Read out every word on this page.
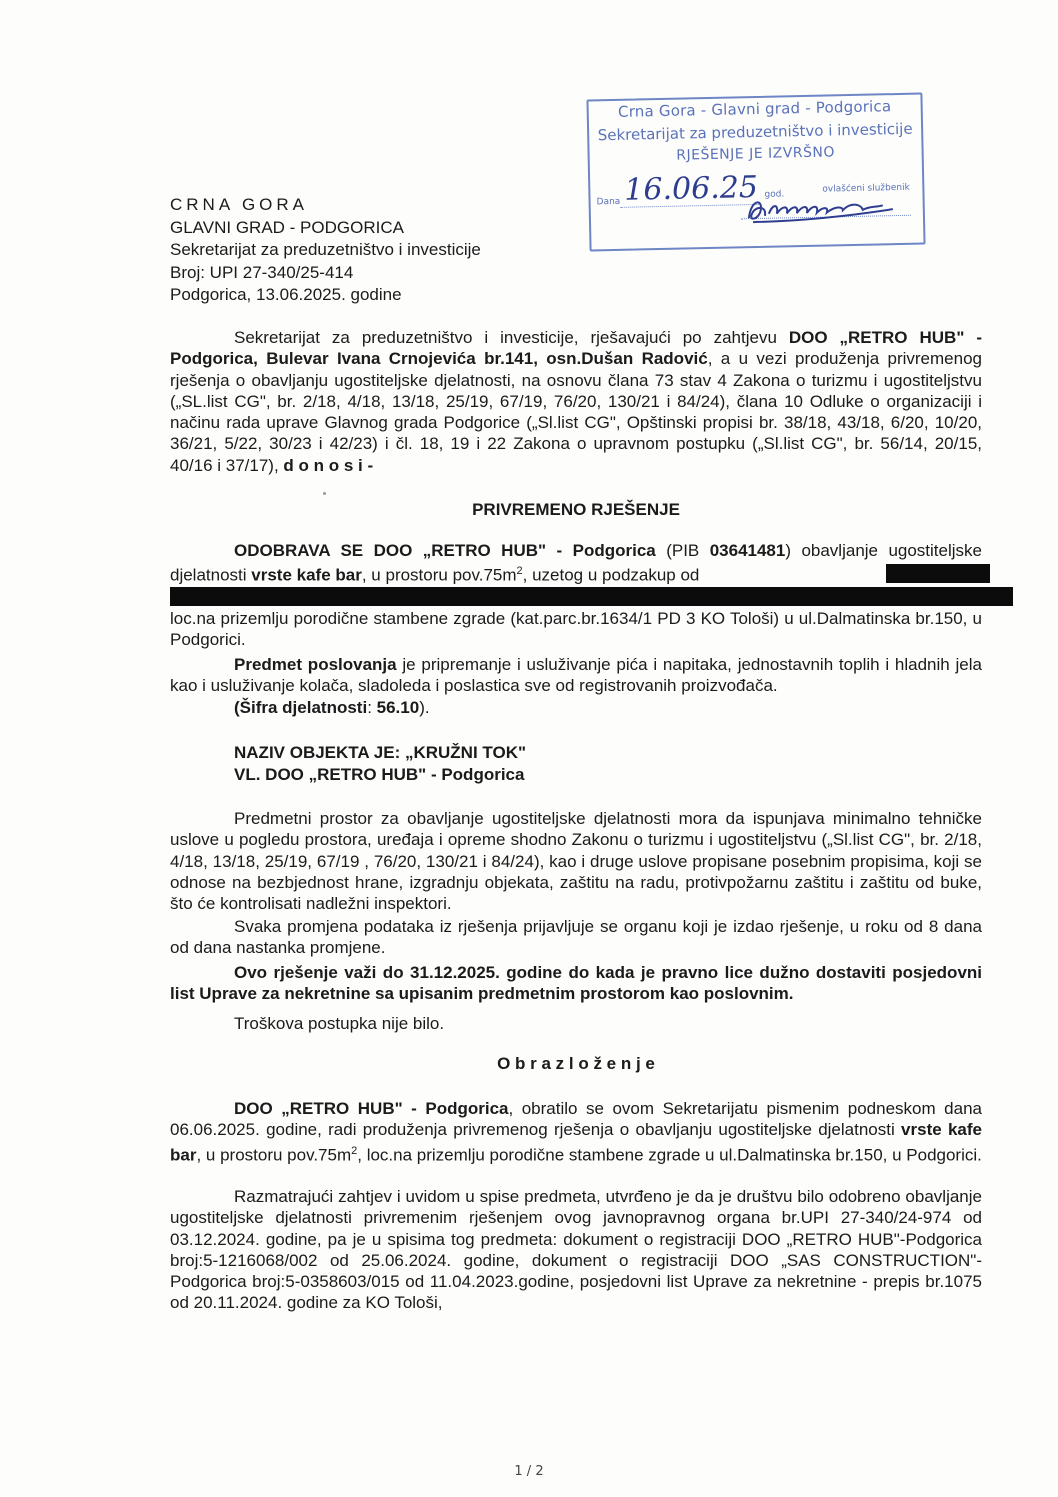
Crna Gora - Glavni grad - Podgorica
Sekretarijat za preduzetništvo i investicije
RJEŠENJE JE IZVRŠNO
Dana 16.06.25 god.
ovlašćeni službenik
CRNA GORA
GLAVNI GRAD - PODGORICA
Sekretarijat za preduzetništvo i investicije
Broj: UPI 27-340/25-414
Podgorica, 13.06.2025. godine
Sekretarijat za preduzetništvo i investicije, rješavajući po zahtjevu DOO „RETRO HUB" - Podgorica, Bulevar Ivana Crnojevića br.141, osn.Dušan Radović, a u vezi produženja privremenog rješenja o obavljanju ugostiteljske djelatnosti, na osnovu člana 73 stav 4 Zakona o turizmu i ugostiteljstvu („SL.list CG", br. 2/18, 4/18, 13/18, 25/19, 67/19, 76/20, 130/21 i 84/24), člana 10 Odluke o organizaciji i načinu rada uprave Glavnog grada Podgorice („Sl.list CG", Opštinski propisi br. 38/18, 43/18, 6/20, 10/20, 36/21, 5/22, 30/23 i 42/23) i čl. 18, 19 i 22 Zakona o upravnom postupku („Sl.list CG", br. 56/14, 20/15, 40/16 i 37/17), d o n o s i -
PRIVREMENO RJEŠENJE
ODOBRAVA SE DOO „RETRO HUB" - Podgorica (PIB 03641481) obavljanje ugostiteljske djelatnosti vrste kafe bar, u prostoru $pov.75m^2$, uzetog u podzakup od
loc.na prizemlju porodične stambene zgrade (kat.parc.br.1634/1 PD 3 KO Tološi) u ul.Dalmatinska br.150, u Podgorici.
Predmet poslovanja je pripremanje i usluživanje pića i napitaka, jednostavnih toplih i hladnih jela kao i usluživanje kolača, sladoleda i poslastica sve od registrovanih proizvođača.
(Šifra djelatnosti: 56.10).
NAZIV OBJEKTA JE: „KRUŽNI TOK"
VL. DOO „RETRO HUB" - Podgorica
Predmetni prostor za obavljanje ugostiteljske djelatnosti mora da ispunjava minimalno tehničke uslove u pogledu prostora, uređaja i opreme shodno Zakonu o turizmu i ugostiteljstvu („Sl.list CG", br. 2/18, 4/18, 13/18, 25/19, 67/19 , 76/20, 130/21 i 84/24), kao i druge uslove propisane posebnim propisima, koji se odnose na bezbjednost hrane, izgradnju objekata, zaštitu na radu, protivpožarnu zaštitu i zaštitu od buke, što će kontrolisati nadležni inspektori.
Svaka promjena podataka iz rješenja prijavljuje se organu koji je izdao rješenje, u roku od 8 dana od dana nastanka promjene.
Ovo rješenje važi do 31.12.2025. godine do kada je pravno lice dužno dostaviti posjedovni list Uprave za nekretnine sa upisanim predmetnim prostorom kao poslovnim.
Troškova postupka nije bilo.
O b r a z l o ž e n j e
DOO „RETRO HUB" - Podgorica, obratilo se ovom Sekretarijatu pismenim podneskom dana 06.06.2025. godine, radi produženja privremenog rješenja o obavljanju ugostiteljske djelatnosti vrste kafe bar, u prostoru $pov.75m^2$, loc.na prizemlju porodične stambene zgrade u ul.Dalmatinska br.150, u Podgorici.
Razmatrajući zahtjev i uvidom u spise predmeta, utvrđeno je da je društvu bilo odobreno obavljanje ugostiteljske djelatnosti privremenim rješenjem ovog javnopravnog organa br.UPI 27-340/24-974 od 03.12.2024. godine, pa je u spisima tog predmeta: dokument o registraciji DOO „RETRO HUB"-Podgorica broj:5-1216068/002 od 25.06.2024. godine, dokument o registraciji DOO „SAS CONSTRUCTION"-Podgorica broj:5-0358603/015 od 11.04.2023.godine, posjedovni list Uprave za nekretnine - prepis br.1075 od 20.11.2024. godine za KO Tološi,
1 / 2
